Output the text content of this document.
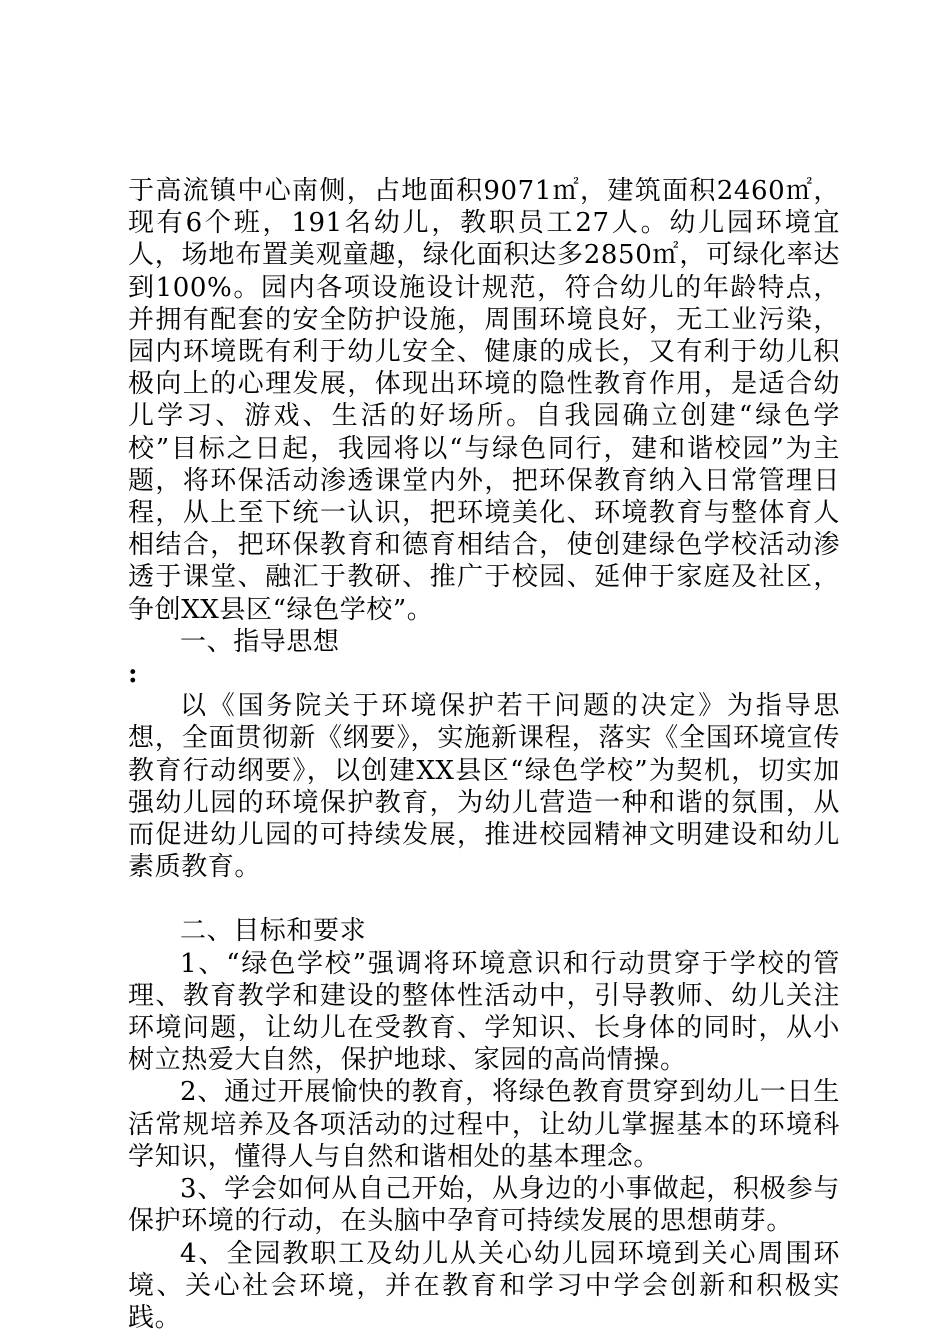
于高流镇中心南侧，占地面积9071㎡，建筑面积2460㎡，现有6个班，191名幼儿，教职员工27人。幼儿园环境宜人，场地布置美观童趣，绿化面积达多2850㎡，可绿化率达到100%。园内各项设施设计规范，符合幼儿的年龄特点，并拥有配套的安全防护设施，周围环境良好，无工业污染，园内环境既有利于幼儿安全、健康的成长，又有利于幼儿积极向上的心理发展，体现出环境的隐性教育作用，是适合幼儿学习、游戏、生活的好场所。自我园确立创建“绿色学校”目标之日起，我园将以“与绿色同行，建和谐校园”为主题，将环保活动渗透课堂内外，把环保教育纳入日常管理日程，从上至下统一认识，把环境美化、环境教育与整体育人相结合，把环保教育和德育相结合，使创建绿色学校活动渗透于课堂、融汇于教研、推广于校园、延伸于家庭及社区，争创XX县区“绿色学校”。

一、指导思想

:

以《国务院关于环境保护若干问题的决定》为指导思想，全面贯彻新《纲要》，实施新课程，落实《全国环境宣传教育行动纲要》，以创建XX县区“绿色学校”为契机，切实加强幼儿园的环境保护教育，为幼儿营造一种和谐的氛围，从而促进幼儿园的可持续发展，推进校园精神文明建设和幼儿素质教育。

二、目标和要求

1、“绿色学校”强调将环境意识和行动贯穿于学校的管理、教育教学和建设的整体性活动中，引导教师、幼儿关注环境问题，让幼儿在受教育、学知识、长身体的同时，从小树立热爱大自然，保护地球、家园的高尚情操。

2、通过开展愉快的教育，将绿色教育贯穿到幼儿一日生活常规培养及各项活动的过程中，让幼儿掌握基本的环境科学知识，懂得人与自然和谐相处的基本理念。

3、学会如何从自己开始，从身边的小事做起，积极参与保护环境的行动，在头脑中孕育可持续发展的思想萌芽。

4、全园教职工及幼儿从关心幼儿园环境到关心周围环境、关心社会环境，并在教育和学习中学会创新和积极实践。
